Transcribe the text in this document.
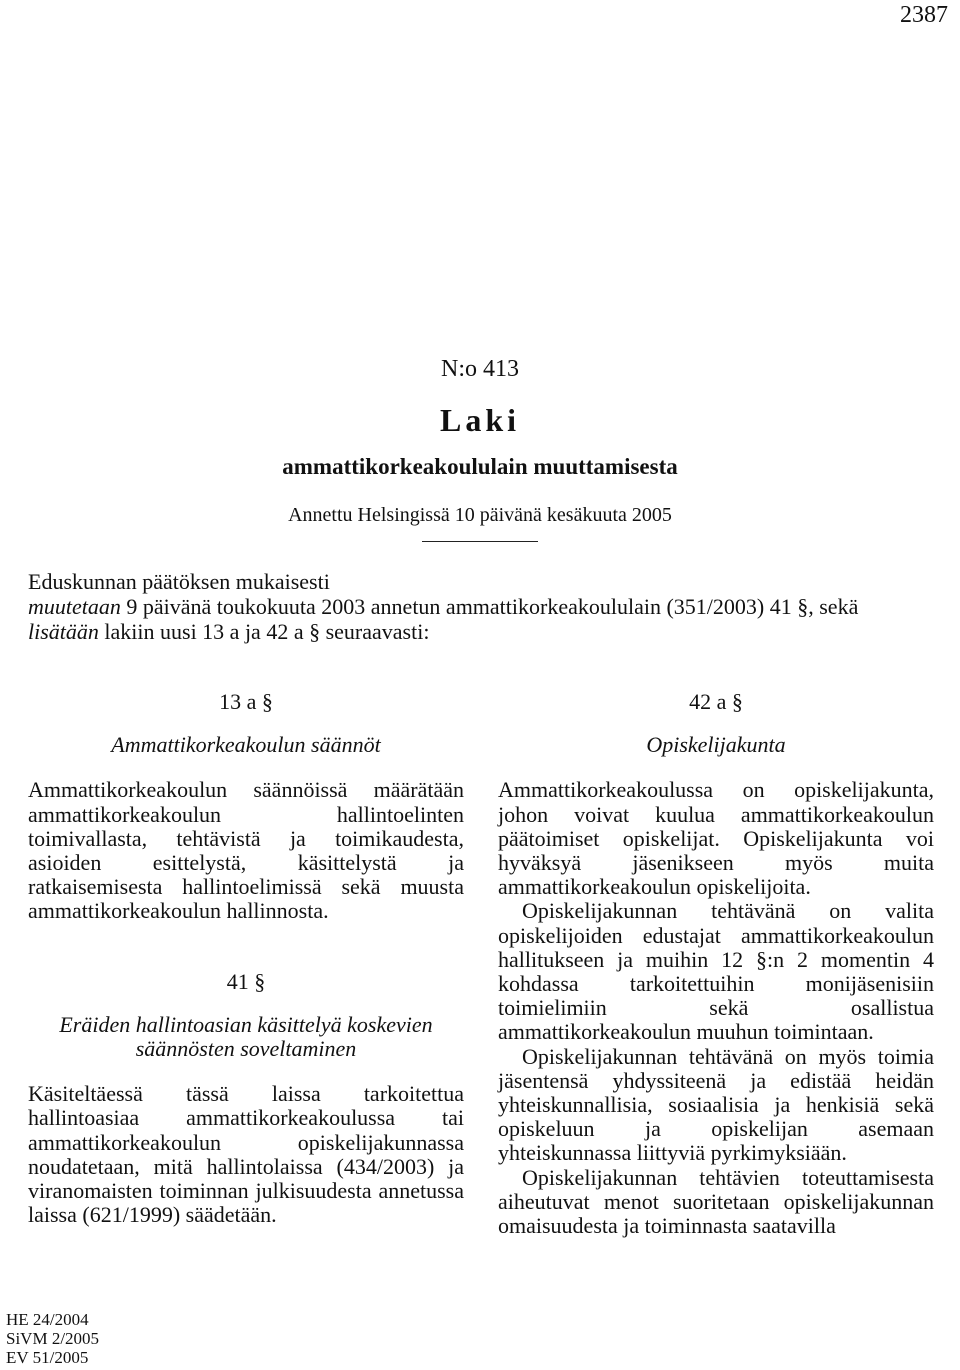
2387
N:o 413
Laki
ammattikorkeakoululain muuttamisesta
Annettu Helsingissä 10 päivänä kesäkuuta 2005

Eduskunnan päätöksen mukaisesti

muutetaan 9 päivänä toukokuuta 2003 annetun ammattikorkeakoululain (351/2003) 41 §, sekä

lisätään lakiin uusi 13 a ja 42 a § seuraavasti:

13 a §
Ammattikorkeakoulun säännöt

Ammattikorkeakoulun säännöissä määrätään ammattikorkeakoulun hallintoelinten toimivallasta, tehtävistä ja toimikaudesta, asioiden esittelystä, käsittelystä ja ratkaisemisesta hallintoelimissä sekä muusta ammattikorkeakoulun hallinnosta.

41 §
Eräiden hallintoasian käsittelyä koskevien
säännösten soveltaminen

Käsiteltäessä tässä laissa tarkoitettua hallintoasiaa ammattikorkeakoulussa tai ammattikorkeakoulun opiskelijakunnassa noudatetaan, mitä hallintolaissa (434/2003) ja viranomaisten toiminnan julkisuudesta annetussa laissa (621/1999) säädetään.

42 a §
Opiskelijakunta

Ammattikorkeakoulussa on opiskelijakunta, johon voivat kuulua ammattikorkeakoulun päätoimiset opiskelijat. Opiskelijakunta voi hyväksyä jäsenikseen myös muita ammattikorkeakoulun opiskelijoita.

Opiskelijakunnan tehtävänä on valita opiskelijoiden edustajat ammattikorkeakoulun hallitukseen ja muihin 12 §:n 2 momentin 4 kohdassa tarkoitettuihin monijäsenisiin toimielimiin sekä osallistua ammattikorkeakoulun muuhun toimintaan.

Opiskelijakunnan tehtävänä on myös toimia jäsentensä yhdyssiteenä ja edistää heidän yhteiskunnallisia, sosiaalisia ja henkisiä sekä opiskeluun ja opiskelijan asemaan yhteiskunnassa liittyviä pyrkimyksiään.

Opiskelijakunnan tehtävien toteuttamisesta aiheutuvat menot suoritetaan opiskelijakunnan omaisuudesta ja toiminnasta saatavilla

HE 24/2004
SiVM 2/2005
EV 51/2005
